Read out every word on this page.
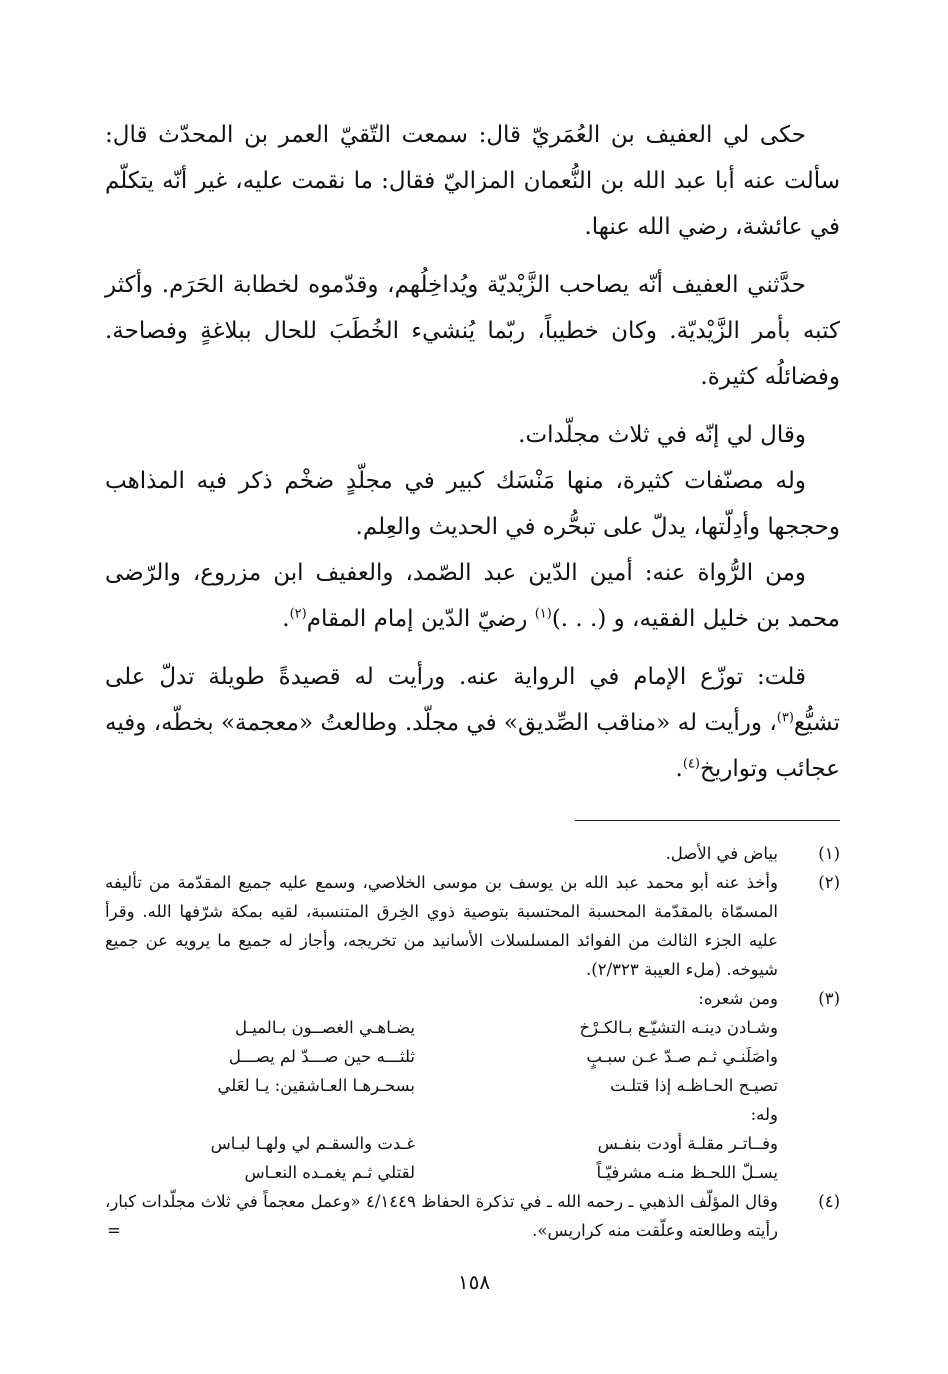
حكى لي العفيف بن العُمَريّ قال: سمعت التّقيّ العمر بن المحدّث قال: سألت عنه أبا عبد الله بن النُّعمان المزاليّ فقال: ما نقمت عليه، غير أنّه يتكلّم في عائشة، رضي الله عنها.

حدَّثني العفيف أنّه يصاحب الزَّيْديّة ويُداخِلُهم، وقدّموه لخطابة الحَرَم. وأكثر كتبه بأمر الزَّيْديّة. وكان خطيباً، ربّما يُنشيء الخُطَبَ للحال ببلاغةٍ وفصاحة. وفضائلُه كثيرة.

وقال لي إنّه في ثلاث مجلّدات.

وله مصنّفات كثيرة، منها مَنْسَك كبير في مجلّدٍ ضخْم ذكر فيه المذاهب وحججها وأدِلّتها، يدلّ على تبحُّره في الحديث والعِلم.

ومن الرُّواة عنه: أمين الدّين عبد الصّمد، والعفيف ابن مزروع، والرّضى محمد بن خليل الفقيه، و (. . .)$^{(١)}$ رضيّ الدّين إمام المقام$^{(٢)}$.

قلت: توزّع الإمام في الرواية عنه. ورأيت له قصيدةً طويلة تدلّ على تشيُّع$^{(٣)}$، ورأيت له «مناقب الصِّديق» في مجلّد. وطالعتُ «معجمة» بخطّه، وفيه عجائب وتواريخ$^{(٤)}$.

(١)
بياض في الأصل.
(٢)
وأخذ عنه أبو محمد عبد الله بن يوسف بن موسى الخلاصي، وسمع عليه جميع المقدّمة من تأليفه المسمّاة بالمقدّمة المحسبة المحتسبة بتوصية ذوي الخِرق المتنسبة، لقيه بمكة شرّفها الله. وقرأ عليه الجزء الثالث من الفوائد المسلسلات الأسانيد من تخريجه، وأجاز له جميع ما يرويه عن جميع شيوخه. (ملء العيبة ٢/٣٢٣).
(٣)
ومن شعره:
وشـادن دينـه التشيّـع بـالكـرْخ
يضـاهـي الغصــون بـالميـل
واصَلَنـي ثـم صـدّ عـن سبـبٍ
ثلثـــه حين صـــدّ لم يصـــل
تصيـح الحـاظـه إذا قتلـت
بسحـرهـا العـاشقين: يـا لعَلي
وله:
وفــاتـر مقلـة أودت بنفـس
غـدت والسقـم لي ولهـا لبـاس
يسـلّ اللحـظ منـه مشرفيّـاً
لقتلي ثـم يغمـده النعـاس
(٤)
وقال المؤلّف الذهبي ـ رحمه الله ـ في تذكرة الحفاظ ٤/١٤٤٩ «وعمل معجماً في ثلاث مجلّدات كبار، رأيته وطالعته وعلّقت منه كراريس».
=
١٥٨
